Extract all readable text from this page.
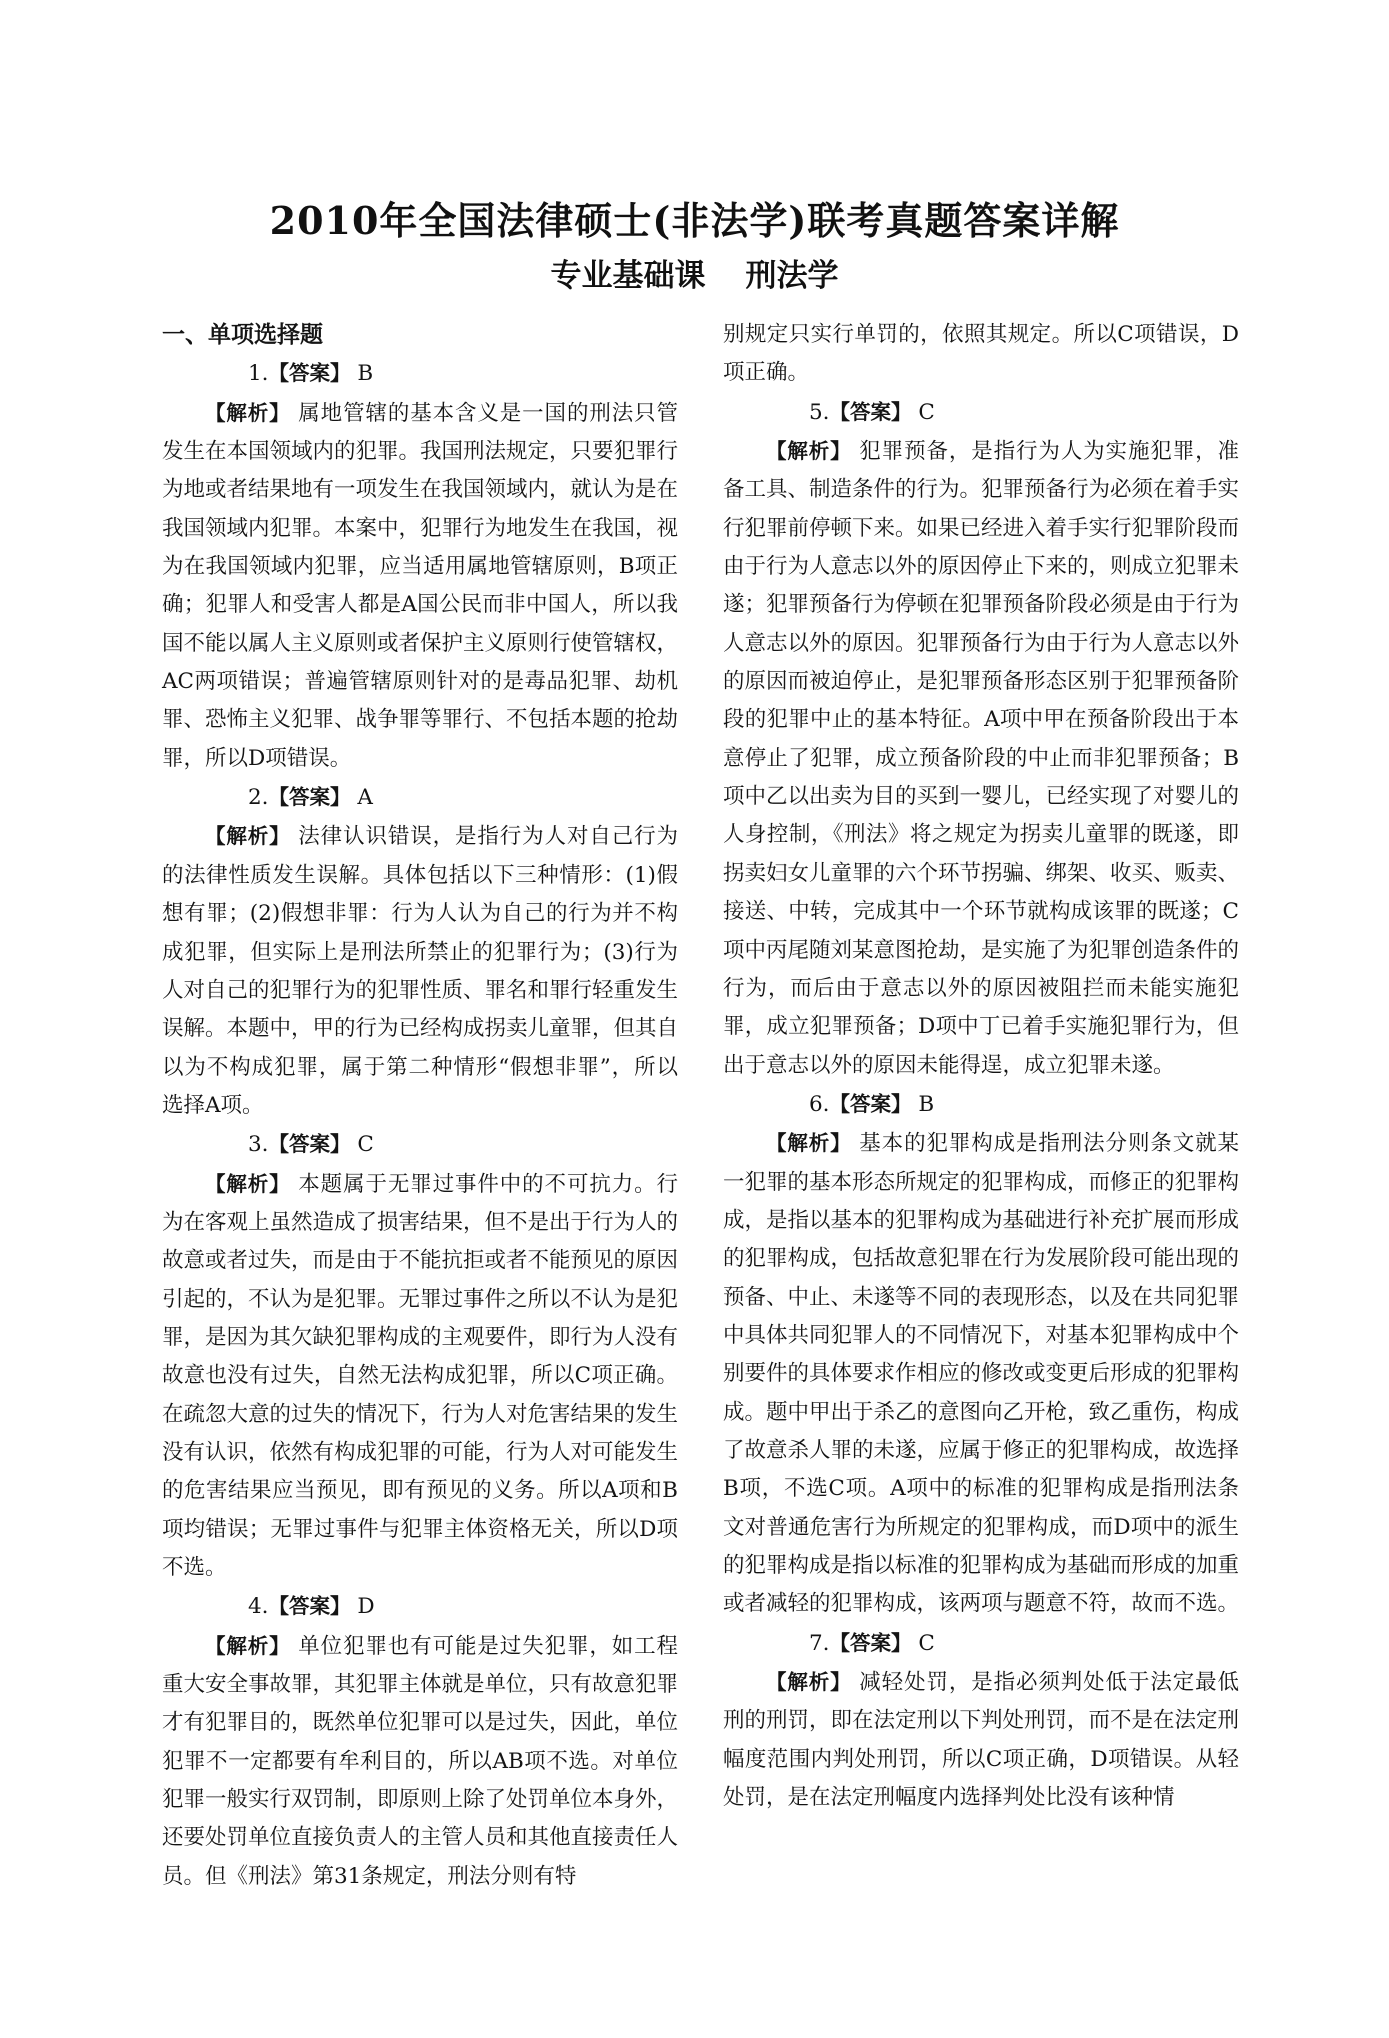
2010年全国法律硕士(非法学)联考真题答案详解
专业基础课 刑法学

一、单项选择题

1.【答案】 B

【解析】 属地管辖的基本含义是一国的刑法只管发生在本国领域内的犯罪。我国刑法规定，只要犯罪行为地或者结果地有一项发生在我国领域内，就认为是在我国领域内犯罪。本案中，犯罪行为地发生在我国，视为在我国领域内犯罪，应当适用属地管辖原则，B项正确；犯罪人和受害人都是A国公民而非中国人，所以我国不能以属人主义原则或者保护主义原则行使管辖权，AC两项错误；普遍管辖原则针对的是毒品犯罪、劫机罪、恐怖主义犯罪、战争罪等罪行、不包括本题的抢劫罪，所以D项错误。

2.【答案】 A

【解析】 法律认识错误，是指行为人对自己行为的法律性质发生误解。具体包括以下三种情形：(1)假想有罪；(2)假想非罪：行为人认为自己的行为并不构成犯罪，但实际上是刑法所禁止的犯罪行为；(3)行为人对自己的犯罪行为的犯罪性质、罪名和罪行轻重发生误解。本题中，甲的行为已经构成拐卖儿童罪，但其自以为不构成犯罪，属于第二种情形“假想非罪”，所以选择A项。

3.【答案】 C

【解析】 本题属于无罪过事件中的不可抗力。行为在客观上虽然造成了损害结果，但不是出于行为人的故意或者过失，而是由于不能抗拒或者不能预见的原因引起的，不认为是犯罪。无罪过事件之所以不认为是犯罪，是因为其欠缺犯罪构成的主观要件，即行为人没有故意也没有过失，自然无法构成犯罪，所以C项正确。在疏忽大意的过失的情况下，行为人对危害结果的发生没有认识，依然有构成犯罪的可能，行为人对可能发生的危害结果应当预见，即有预见的义务。所以A项和B项均错误；无罪过事件与犯罪主体资格无关，所以D项不选。

4.【答案】 D

【解析】 单位犯罪也有可能是过失犯罪，如工程重大安全事故罪，其犯罪主体就是单位，只有故意犯罪才有犯罪目的，既然单位犯罪可以是过失，因此，单位犯罪不一定都要有牟利目的，所以AB项不选。对单位犯罪一般实行双罚制，即原则上除了处罚单位本身外，还要处罚单位直接负责人的主管人员和其他直接责任人员。但《刑法》第31条规定，刑法分则有特

别规定只实行单罚的，依照其规定。所以C项错误，D项正确。

5.【答案】 C

【解析】 犯罪预备，是指行为人为实施犯罪，准备工具、制造条件的行为。犯罪预备行为必须在着手实行犯罪前停顿下来。如果已经进入着手实行犯罪阶段而由于行为人意志以外的原因停止下来的，则成立犯罪未遂；犯罪预备行为停顿在犯罪预备阶段必须是由于行为人意志以外的原因。犯罪预备行为由于行为人意志以外的原因而被迫停止，是犯罪预备形态区别于犯罪预备阶段的犯罪中止的基本特征。A项中甲在预备阶段出于本意停止了犯罪，成立预备阶段的中止而非犯罪预备；B项中乙以出卖为目的买到一婴儿，已经实现了对婴儿的人身控制，《刑法》将之规定为拐卖儿童罪的既遂，即拐卖妇女儿童罪的六个环节拐骗、绑架、收买、贩卖、接送、中转，完成其中一个环节就构成该罪的既遂；C项中丙尾随刘某意图抢劫，是实施了为犯罪创造条件的行为，而后由于意志以外的原因被阻拦而未能实施犯罪，成立犯罪预备；D项中丁已着手实施犯罪行为，但出于意志以外的原因未能得逞，成立犯罪未遂。

6.【答案】 B

【解析】 基本的犯罪构成是指刑法分则条文就某一犯罪的基本形态所规定的犯罪构成，而修正的犯罪构成，是指以基本的犯罪构成为基础进行补充扩展而形成的犯罪构成，包括故意犯罪在行为发展阶段可能出现的预备、中止、未遂等不同的表现形态，以及在共同犯罪中具体共同犯罪人的不同情况下，对基本犯罪构成中个别要件的具体要求作相应的修改或变更后形成的犯罪构成。题中甲出于杀乙的意图向乙开枪，致乙重伤，构成了故意杀人罪的未遂，应属于修正的犯罪构成，故选择B项，不选C项。A项中的标准的犯罪构成是指刑法条文对普通危害行为所规定的犯罪构成，而D项中的派生的犯罪构成是指以标准的犯罪构成为基础而形成的加重或者减轻的犯罪构成，该两项与题意不符，故而不选。

7.【答案】 C

【解析】 减轻处罚，是指必须判处低于法定最低刑的刑罚，即在法定刑以下判处刑罚，而不是在法定刑幅度范围内判处刑罚，所以C项正确，D项错误。从轻处罚，是在法定刑幅度内选择判处比没有该种情
